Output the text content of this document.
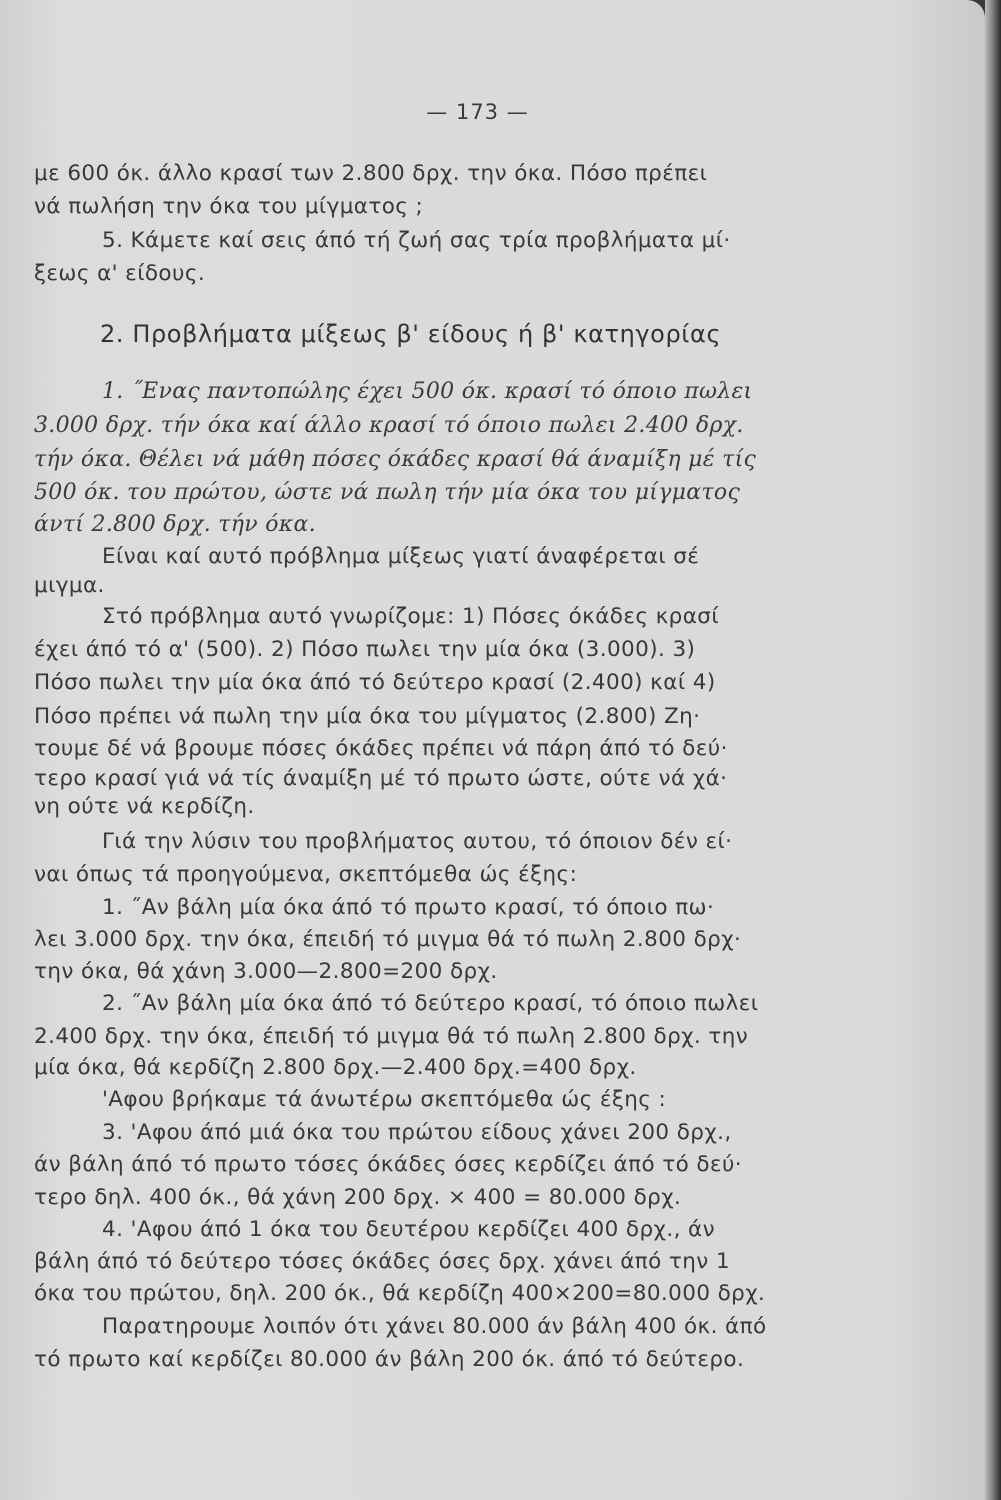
— 173 —
με 600 όκ. άλλο κρασί των 2.800 δρχ. την όκα. Πόσο πρέπει
νά πωλήση την όκα του μίγματος ;
5. Κάμετε καί σεις άπό τή ζωή σας τρία προβλήματα μί·
ξεως α' είδους.
2. Προβλήματα μίξεως β' είδους ή β' κατηγορίας
1. ˝Ενας παντοπώλης έχει 500 όκ. κρασί τό όποιο πωλει
3.000 δρχ. τήν όκα καί άλλο κρασί τό όποιο πωλει 2.400 δρχ.
τήν όκα. Θέλει νά μάθη πόσες όκάδες κρασί θά άναμίξη μέ τίς
500 όκ. του πρώτου, ώστε νά πωλη τήν μία όκα του μίγματος
άντί 2.800 δρχ. τήν όκα.
Είναι καί αυτό πρόβλημα μίξεως γιατί άναφέρεται σέ
μιγμα.
Στό πρόβλημα αυτό γνωρίζομε: 1) Πόσες όκάδες κρασί
έχει άπό τό α' (500). 2) Πόσο πωλει την μία όκα (3.000). 3)
Πόσο πωλει την μία όκα άπό τό δεύτερο κρασί (2.400) καί 4)
Πόσο πρέπει νά πωλη την μία όκα του μίγματος (2.800) Ζη·
τουμε δέ νά βρουμε πόσες όκάδες πρέπει νά πάρη άπό τό δεύ·
τερο κρασί γιά νά τίς άναμίξη μέ τό πρωτο ώστε, ούτε νά χά·
νη ούτε νά κερδίζη.
Γιά την λύσιν του προβλήματος αυτου, τό όποιον δέν εί·
ναι όπως τά προηγούμενα, σκεπτόμεθα ώς έξης:
1. ˝Αν βάλη μία όκα άπό τό πρωτο κρασί, τό όποιο πω·
λει 3.000 δρχ. την όκα, έπειδή τό μιγμα θά τό πωλη 2.800 δρχ·
την όκα, θά χάνη 3.000—2.800=200 δρχ.
2. ˝Αν βάλη μία όκα άπό τό δεύτερο κρασί, τό όποιο πωλει
2.400 δρχ. την όκα, έπειδή τό μιγμα θά τό πωλη 2.800 δρχ. την
μία όκα, θά κερδίζη 2.800 δρχ.—2.400 δρχ.=400 δρχ.
'Αφου βρήκαμε τά άνωτέρω σκεπτόμεθα ώς έξης :
3. 'Αφου άπό μιά όκα του πρώτου είδους χάνει 200 δρχ.,
άν βάλη άπό τό πρωτο τόσες όκάδες όσες κερδίζει άπό τό δεύ·
τερο δηλ. 400 όκ., θά χάνη 200 δρχ. × 400 = 80.000 δρχ.
4. 'Αφου άπό 1 όκα του δευτέρου κερδίζει 400 δρχ., άν
βάλη άπό τό δεύτερο τόσες όκάδες όσες δρχ. χάνει άπό την 1
όκα του πρώτου, δηλ. 200 όκ., θά κερδίζη 400×200=80.000 δρχ.
Παρατηρουμε λοιπόν ότι χάνει 80.000 άν βάλη 400 όκ. άπό
τό πρωτο καί κερδίζει 80.000 άν βάλη 200 όκ. άπό τό δεύτερο.
